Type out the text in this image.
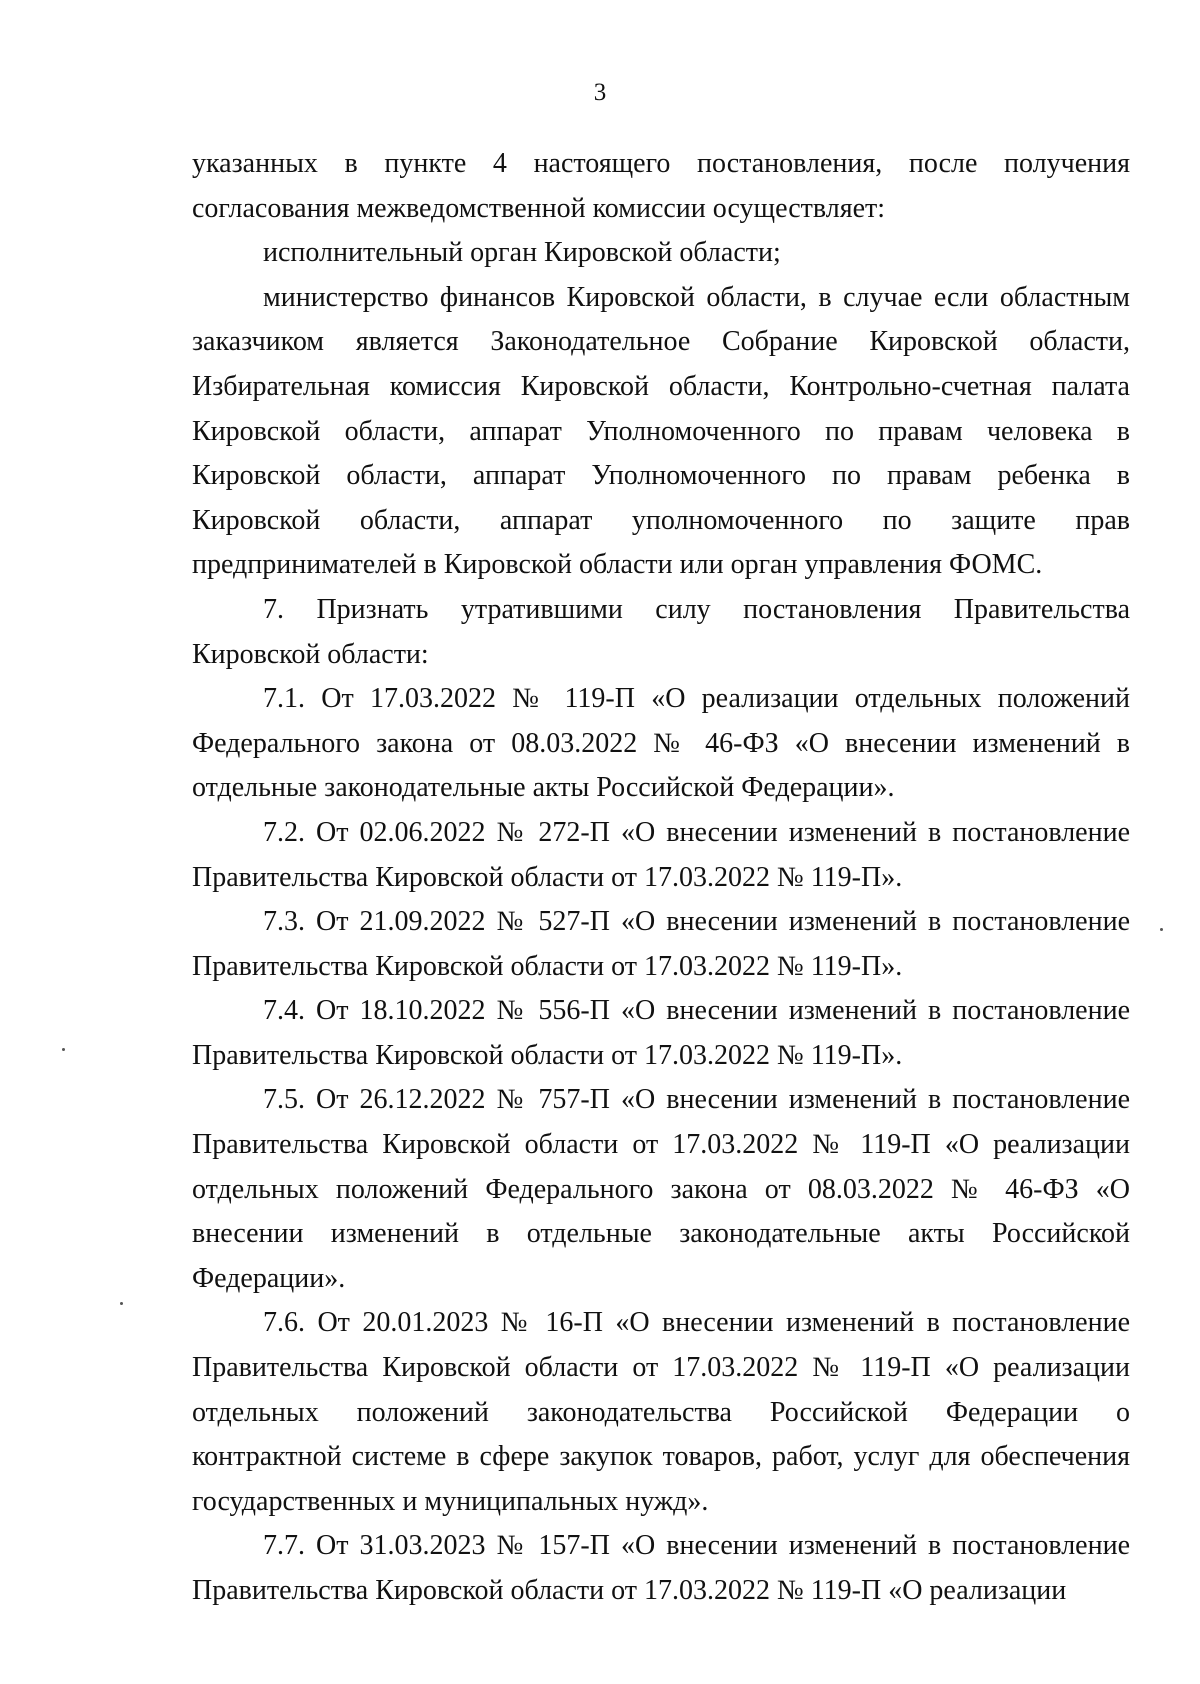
3

указанных в пункте 4 настоящего постановления, после получения согласования межведомственной комиссии осуществляет:

исполнительный орган Кировской области;

министерство финансов Кировской области, в случае если областным заказчиком является Законодательное Собрание Кировской области, Избирательная комиссия Кировской области, Контрольно-счетная палата Кировской области, аппарат Уполномоченного по правам человека в Кировской области, аппарат Уполномоченного по правам ребенка в Кировской области, аппарат уполномоченного по защите прав предпринимателей в Кировской области или орган управления ФОМС.

7. Признать утратившими силу постановления Правительства Кировской области:

7.1. От 17.03.2022 № 119-П «О реализации отдельных положений Федерального закона от 08.03.2022 № 46-ФЗ «О внесении изменений в отдельные законодательные акты Российской Федерации».

7.2. От 02.06.2022 № 272-П «О внесении изменений в постановление Правительства Кировской области от 17.03.2022 № 119-П».

7.3. От 21.09.2022 № 527-П «О внесении изменений в постановление Правительства Кировской области от 17.03.2022 № 119-П».

7.4. От 18.10.2022 № 556-П «О внесении изменений в постановление Правительства Кировской области от 17.03.2022 № 119-П».

7.5. От 26.12.2022 № 757-П «О внесении изменений в постановление Правительства Кировской области от 17.03.2022 № 119-П «О реализации отдельных положений Федерального закона от 08.03.2022 № 46-ФЗ «О внесении изменений в отдельные законодательные акты Российской Федерации».

7.6. От 20.01.2023 № 16-П «О внесении изменений в постановление Правительства Кировской области от 17.03.2022 № 119-П «О реализации отдельных положений законодательства Российской Федерации о контрактной системе в сфере закупок товаров, работ, услуг для обеспечения государственных и муниципальных нужд».

7.7. От 31.03.2023 № 157-П «О внесении изменений в постановление Правительства Кировской области от 17.03.2022 № 119-П «О реализации
